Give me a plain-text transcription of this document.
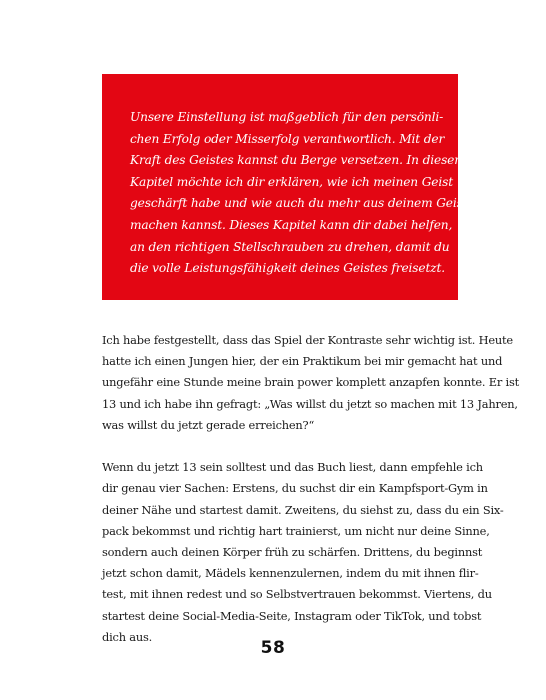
Unsere Einstellung ist maßgeblich für den persönli-
chen Erfolg oder Misserfolg verantwortlich. Mit der
Kraft des Geistes kannst du Berge versetzen. In diesem
Kapitel möchte ich dir erklären, wie ich meinen Geist
geschärft habe und wie auch du mehr aus deinem Geist
machen kannst. Dieses Kapitel kann dir dabei helfen,
an den richtigen Stellschrauben zu drehen, damit du
die volle Leistungsfähigkeit deines Geistes freisetzt.

Ich habe festgestellt, dass das Spiel der Kontraste sehr wichtig ist. Heute
hatte ich einen Jungen hier, der ein Praktikum bei mir gemacht hat und
ungefähr eine Stunde meine brain power komplett anzapfen konnte. Er ist
13 und ich habe ihn gefragt: „Was willst du jetzt so machen mit 13 Jahren,
was willst du jetzt gerade erreichen?“

Wenn du jetzt 13 sein solltest und das Buch liest, dann empfehle ich
dir genau vier Sachen: Erstens, du suchst dir ein Kampfsport-Gym in
deiner Nähe und startest damit. Zweitens, du siehst zu, dass du ein Six-
pack bekommst und richtig hart trainierst, um nicht nur deine Sinne,
sondern auch deinen Körper früh zu schärfen. Drittens, du beginnst
jetzt schon damit, Mädels kennenzulernen, indem du mit ihnen flir-
test, mit ihnen redest und so Selbstvertrauen bekommst. Viertens, du
startest deine Social-Media-Seite, Instagram oder TikTok, und tobst
dich aus.

58
